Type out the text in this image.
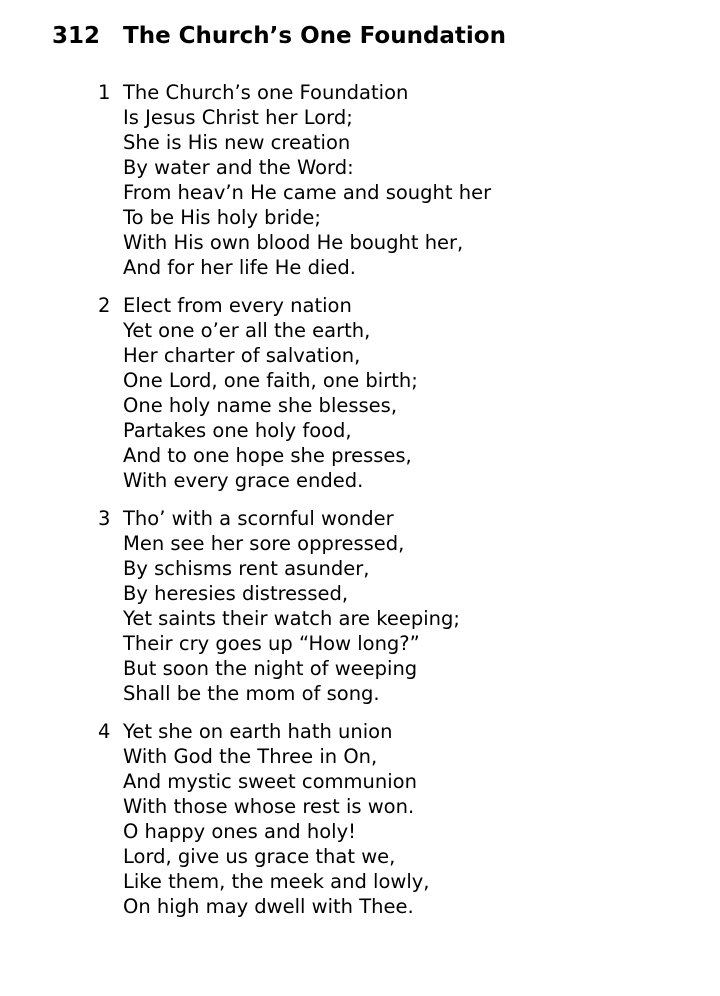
312 The Church’s One Foundation
1 The Church’s one Foundation
Is Jesus Christ her Lord;
She is His new creation
By water and the Word:
From heav’n He came and sought her
To be His holy bride;
With His own blood He bought her,
And for her life He died.
2 Elect from every nation
Yet one o’er all the earth,
Her charter of salvation,
One Lord, one faith, one birth;
One holy name she blesses,
Partakes one holy food,
And to one hope she presses,
With every grace ended.
3 Tho’ with a scornful wonder
Men see her sore oppressed,
By schisms rent asunder,
By heresies distressed,
Yet saints their watch are keeping;
Their cry goes up “How long?”
But soon the night of weeping
Shall be the mom of song.
4 Yet she on earth hath union
With God the Three in On,
And mystic sweet communion
With those whose rest is won.
O happy ones and holy!
Lord, give us grace that we,
Like them, the meek and lowly,
On high may dwell with Thee.
